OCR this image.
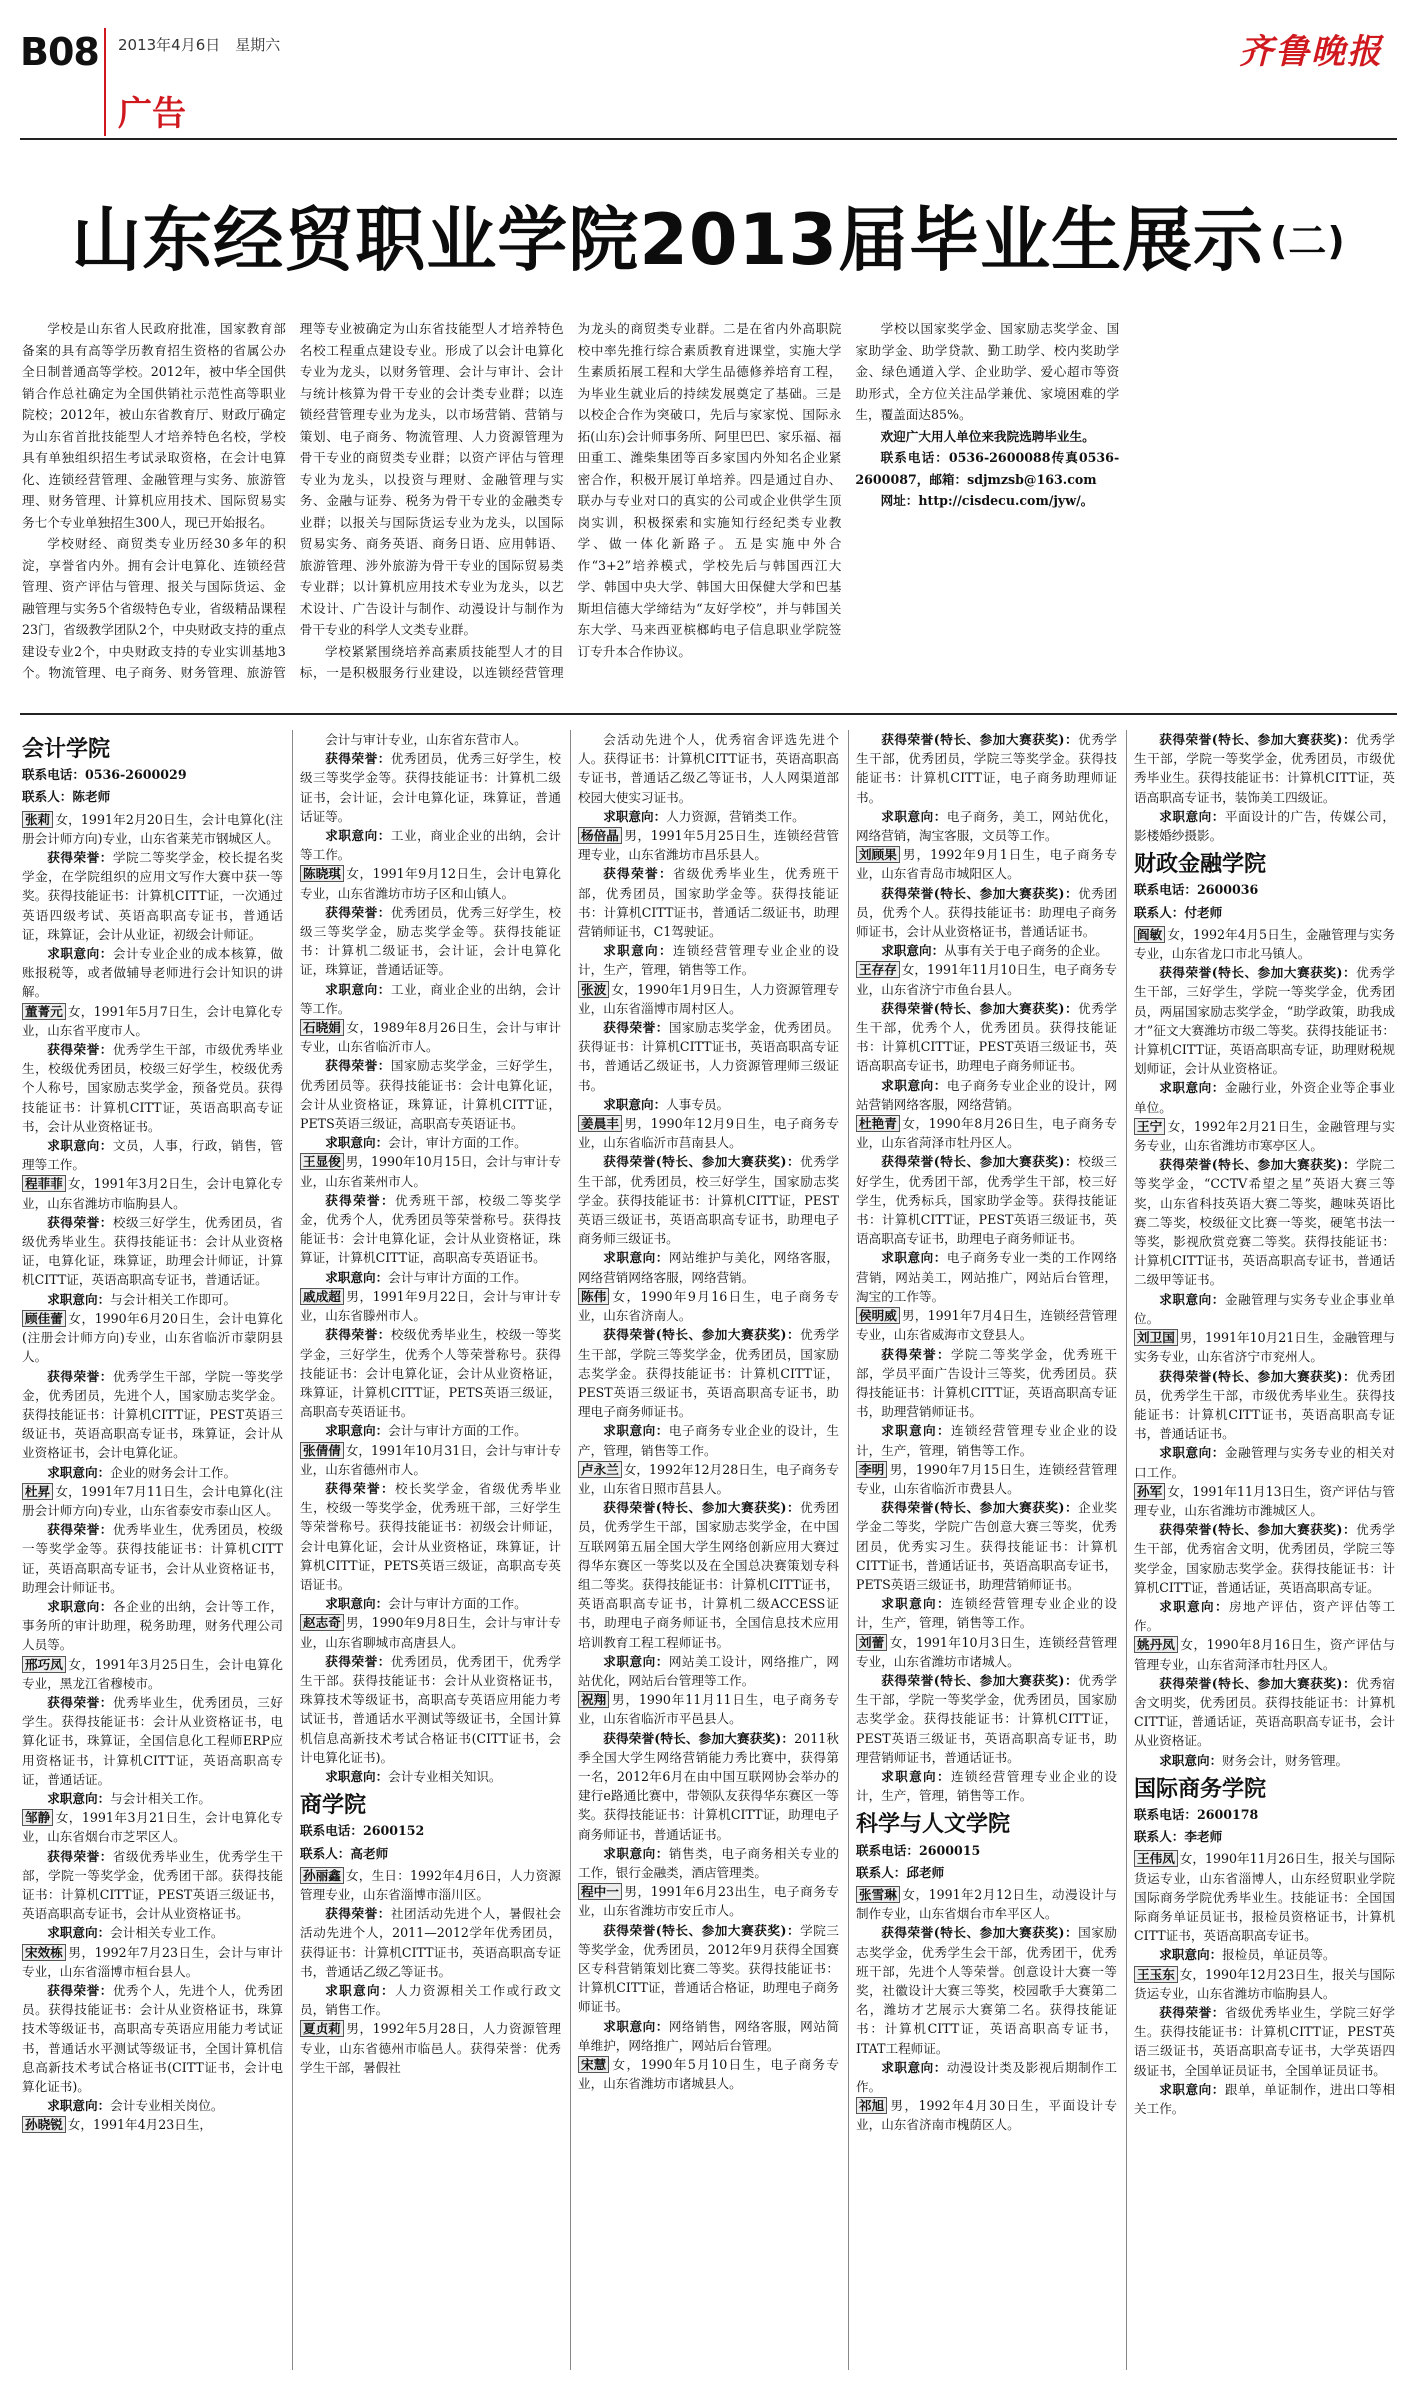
B08 2013年4月6日　星期六
广告
齐鲁晚报
山东经贸职业学院2013届毕业生展示 $^{(二)}$

学校是山东省人民政府批准，国家教育部备案的具有高等学历教育招生资格的省属公办全日制普通高等学校。2012年，被中华全国供销合作总社确定为全国供销社示范性高等职业院校；2012年，被山东省教育厅、财政厅确定为山东省首批技能型人才培养特色名校，学校具有单独组织招生考试录取资格，在会计电算化、连锁经营管理、金融管理与实务、旅游管理、财务管理、计算机应用技术、国际贸易实务七个专业单独招生300人，现已开始报名。

学校财经、商贸类专业历经30多年的积淀，享誉省内外。拥有会计电算化、连锁经营管理、资产评估与管理、报关与国际货运、金融管理与实务5个省级特色专业，省级精品课程23门，省级教学团队2个，中央财政支持的重点建设专业2个，中央财政支持的专业实训基地3个。物流管理、电子商务、财务管理、旅游管理等专业被确定为山东省技能型人才培养特色名校工程重点建设专业。形成了以会计电算化专业为龙头，以财务管理、会计与审计、会计与统计核算为骨干专业的会计类专业群；以连锁经营管理专业为龙头，以市场营销、营销与策划、电子商务、物流管理、人力资源管理为骨干专业的商贸类专业群；以资产评估与管理专业为龙头，以投资与理财、金融管理与实务、金融与证券、税务为骨干专业的金融类专业群；以报关与国际货运专业为龙头，以国际贸易实务、商务英语、商务日语、应用韩语、旅游管理、涉外旅游为骨干专业的国际贸易类专业群；以计算机应用技术专业为龙头，以艺术设计、广告设计与制作、动漫设计与制作为骨干专业的科学人文类专业群。

学校紧紧围绕培养高素质技能型人才的目标，一是积极服务行业建设，以连锁经营管理为龙头的商贸类专业群。二是在省内外高职院校中率先推行综合素质教育进课堂，实施大学生素质拓展工程和大学生品德修养培育工程，为毕业生就业后的持续发展奠定了基础。三是以校企合作为突破口，先后与家家悦、国际永拓(山东)会计师事务所、阿里巴巴、家乐福、福田重工、潍柴集团等百多家国内外知名企业紧密合作，积极开展订单培养。四是通过自办、联办与专业对口的真实的公司或企业供学生顶岗实训，积极探索和实施知行经纪类专业教学、做一体化新路子。五是实施中外合作“3+2”培养模式，学校先后与韩国西江大学、韩国中央大学、韩国大田保健大学和巴基斯坦信德大学缔结为“友好学校”，并与韩国关东大学、马来西亚槟榔屿电子信息职业学院签订专升本合作协议。

学校以国家奖学金、国家励志奖学金、国家助学金、助学贷款、勤工助学、校内奖助学金、绿色通道入学、企业助学、爱心超市等资助形式，全方位关注品学兼优、家境困难的学生，覆盖面达85%。

欢迎广大用人单位来我院选聘毕业生。

联系电话：0536-2600088传真0536-2600087，邮箱：sdjmzsb@163.com

网址：http://cisdecu.com/jyw/。

会计学院

联系电话：0536-2600029

联系人：陈老师

张莉 女，1991年2月20日生，会计电算化(注册会计师方向)专业，山东省莱芜市钢城区人。

获得荣誉：学院二等奖学金，校长提名奖学金，在学院组织的应用文写作大赛中获一等奖。获得技能证书：计算机CITT证，一次通过英语四级考试、英语高职高专证书，普通话证，珠算证，会计从业证，初级会计师证。

求职意向：会计专业企业的成本核算，做账报税等，或者做辅导老师进行会计知识的讲解。

董菁元 女，1991年5月7日生，会计电算化专业，山东省平度市人。

获得荣誉：优秀学生干部，市级优秀毕业生，校级优秀团员，校级三好学生，校级优秀个人称号，国家励志奖学金，预备党员。获得技能证书：计算机CITT证，英语高职高专证书，会计从业资格证书。

求职意向：文员，人事，行政，销售，管理等工作。

程菲菲 女，1991年3月2日生，会计电算化专业，山东省潍坊市临朐县人。

获得荣誉：校级三好学生，优秀团员，省级优秀毕业生。获得技能证书：会计从业资格证，电算化证，珠算证，助理会计师证，计算机CITT证，英语高职高专证书，普通话证。

求职意向：与会计相关工作即可。

顾佳蕾 女，1990年6月20日生，会计电算化(注册会计师方向)专业，山东省临沂市蒙阴县人。

获得荣誉：优秀学生干部，学院一等奖学金，优秀团员，先进个人，国家励志奖学金。获得技能证书：计算机CITT证，PEST英语三级证书，英语高职高专证书，珠算证，会计从业资格证书，会计电算化证。

求职意向：企业的财务会计工作。

杜昇 女，1991年7月11日生，会计电算化(注册会计师方向)专业，山东省泰安市泰山区人。

获得荣誉：优秀毕业生，优秀团员，校级一等奖学金等。获得技能证书：计算机CITT证，英语高职高专证书，会计从业资格证书，助理会计师证书。

求职意向：各企业的出纳，会计等工作，事务所的审计助理，税务助理，财务代理公司人员等。

邢巧凤 女，1991年3月25日生，会计电算化专业，黑龙江省穆棱市。

获得荣誉：优秀毕业生，优秀团员，三好学生。获得技能证书：会计从业资格证书，电算化证书，珠算证，全国信息化工程师ERP应用资格证书，计算机CITT证，英语高职高专证，普通话证。

求职意向：与会计相关工作。

邹静 女，1991年3月21日生，会计电算化专业，山东省烟台市芝罘区人。

获得荣誉：省级优秀毕业生，优秀学生干部，学院一等奖学金，优秀团干部。获得技能证书：计算机CITT证，PEST英语三级证书，英语高职高专证书，会计从业资格证书。

求职意向：会计相关专业工作。

宋效栋 男，1992年7月23日生，会计与审计专业，山东省淄博市桓台县人。

获得荣誉：优秀个人，先进个人，优秀团员。获得技能证书：会计从业资格证书，珠算技术等级证书，高职高专英语应用能力考试证书，普通话水平测试等级证书，全国计算机信息高新技术考试合格证书(CITT证书，会计电算化证书)。

求职意向：会计专业相关岗位。

孙晓锐 女，1991年4月23日生，

会计与审计专业，山东省东营市人。

获得荣誉：优秀团员，优秀三好学生，校级三等奖学金等。获得技能证书：计算机二级证书，会计证，会计电算化证，珠算证，普通话证等。

求职意向：工业，商业企业的出纳，会计等工作。

陈晓琪 女，1991年9月12日生，会计电算化专业，山东省潍坊市坊子区和山镇人。

获得荣誉：优秀团员，优秀三好学生，校级三等奖学金，励志奖学金等。获得技能证书：计算机二级证书，会计证，会计电算化证，珠算证，普通话证等。

求职意向：工业，商业企业的出纳，会计等工作。

石晓娟 女，1989年8月26日生，会计与审计专业，山东省临沂市人。

获得荣誉：国家励志奖学金，三好学生，优秀团员等。获得技能证书：会计电算化证，会计从业资格证，珠算证，计算机CITT证，PETS英语三级证，高职高专英语证书。

求职意向：会计，审计方面的工作。

王显俊 男，1990年10月15日，会计与审计专业，山东省莱州市人。

获得荣誉：优秀班干部，校级二等奖学金，优秀个人，优秀团员等荣誉称号。获得技能证书：会计电算化证，会计从业资格证，珠算证，计算机CITT证，高职高专英语证书。

求职意向：会计与审计方面的工作。

戚成超 男，1991年9月22日，会计与审计专业，山东省滕州市人。

获得荣誉：校级优秀毕业生，校级一等奖学金，三好学生，优秀个人等荣誉称号。获得技能证书：会计电算化证，会计从业资格证，珠算证，计算机CITT证，PETS英语三级证，高职高专英语证书。

求职意向：会计与审计方面的工作。

张倩倩 女，1991年10月31日，会计与审计专业，山东省德州市人。

获得荣誉：校长奖学金，省级优秀毕业生，校级一等奖学金，优秀班干部，三好学生等荣誉称号。获得技能证书：初级会计师证，会计电算化证，会计从业资格证，珠算证，计算机CITT证，PETS英语三级证，高职高专英语证书。

求职意向：会计与审计方面的工作。

赵志奇 男，1990年9月8日生，会计与审计专业，山东省聊城市高唐县人。

获得荣誉：优秀团员，优秀团干，优秀学生干部。获得技能证书：会计从业资格证书，珠算技术等级证书，高职高专英语应用能力考试证书，普通话水平测试等级证书，全国计算机信息高新技术考试合格证书(CITT证书，会计电算化证书)。

求职意向：会计专业相关知识。

商学院

联系电话：2600152

联系人：高老师

孙丽鑫 女，生日：1992年4月6日，人力资源管理专业，山东省淄博市淄川区。

获得荣誉：社团活动先进个人，暑假社会活动先进个人，2011—2012学年优秀团员，获得证书：计算机CITT证书，英语高职高专证书，普通话乙级乙等证书。

求职意向：人力资源相关工作或行政文员，销售工作。

夏贞莉 男，1992年5月28日，人力资源管理专业，山东省德州市临邑人。获得荣誉：优秀学生干部，暑假社

会活动先进个人，优秀宿舍评选先进个人。获得证书：计算机CITT证书，英语高职高专证书，普通话乙级乙等证书，人人网渠道部校园大使实习证书。

求职意向：人力资源，营销类工作。

杨倍晶 男，1991年5月25日生，连锁经营管理专业，山东省潍坊市昌乐县人。

获得荣誉：省级优秀毕业生，优秀班干部，优秀团员，国家助学金等。获得技能证书：计算机CITT证书，普通话二级证书，助理营销师证书，C1驾驶证。

求职意向：连锁经营管理专业企业的设计，生产，管理，销售等工作。

张波 女，1990年1月9日生，人力资源管理专业，山东省淄博市周村区人。

获得荣誉：国家励志奖学金，优秀团员。获得证书：计算机CITT证书，英语高职高专证书，普通话乙级证书，人力资源管理师三级证书。

求职意向：人事专员。

姜晨丰 男，1990年12月9日生，电子商务专业，山东省临沂市莒南县人。

获得荣誉(特长、参加大赛获奖)：优秀学生干部，优秀团员，校三好学生，国家励志奖学金。获得技能证书：计算机CITT证，PEST英语三级证书，英语高职高专证书，助理电子商务师三级证书。

求职意向：网站维护与美化，网络客服，网络营销网络客服，网络营销。

陈伟 女，1990年9月16日生，电子商务专业，山东省济南人。

获得荣誉(特长、参加大赛获奖)：优秀学生干部，学院三等奖学金，优秀团员，国家励志奖学金。获得技能证书：计算机CITT证，PEST英语三级证书，英语高职高专证书，助理电子商务师证书。

求职意向：电子商务专业企业的设计，生产，管理，销售等工作。

卢永兰 女，1992年12月28日生，电子商务专业，山东省日照市莒县人。

获得荣誉(特长、参加大赛获奖)：优秀团员，优秀学生干部，国家励志奖学金，在中国互联网第五届全国大学生网络创新应用大赛过得华东赛区一等奖以及在全国总决赛策划专科组二等奖。获得技能证书：计算机CITT证书，英语高职高专证书，计算机二级ACCESS证书，助理电子商务师证书，全国信息技术应用培训教育工程工程师证书。

求职意向：网站美工设计，网络推广，网站优化，网站后台管理等工作。

祝翔 男，1990年11月11日生，电子商务专业，山东省临沂市平邑县人。

获得荣誉(特长、参加大赛获奖)：2011秋季全国大学生网络营销能力秀比赛中，获得第一名，2012年6月在由中国互联网协会举办的建行e路通比赛中，带领队友获得华东赛区一等奖。获得技能证书：计算机CITT证，助理电子商务师证书，普通话证书。

求职意向：销售类，电子商务相关专业的工作，银行金融类，酒店管理类。

程中一 男，1991年6月23出生，电子商务专业，山东省潍坊市安丘市人。

获得荣誉(特长、参加大赛获奖)：学院三等奖学金，优秀团员，2012年9月获得全国赛区专科营销策划比赛二等奖。获得技能证书：计算机CITT证，普通话合格证，助理电子商务师证书。

求职意向：网络销售，网络客服，网站简单维护，网络推广，网站后台管理。

宋慧 女，1990年5月10日生，电子商务专业，山东省潍坊市诸城县人。

获得荣誉(特长、参加大赛获奖)：优秀学生干部，优秀团员，学院三等奖学金。获得技能证书：计算机CITT证，电子商务助理师证书。

求职意向：电子商务，美工，网站优化，网络营销，淘宝客服，文员等工作。

刘顾果 男，1992年9月1日生，电子商务专业，山东省青岛市城阳区人。

获得荣誉(特长、参加大赛获奖)：优秀团员，优秀个人。获得技能证书：助理电子商务师证书，会计从业资格证书，普通话证书。

求职意向：从事有关于电子商务的企业。

王存存 女，1991年11月10日生，电子商务专业，山东省济宁市鱼台县人。

获得荣誉(特长、参加大赛获奖)：优秀学生干部，优秀个人，优秀团员。获得技能证书：计算机CITT证，PEST英语三级证书，英语高职高专证书，助理电子商务师证书。

求职意向：电子商务专业企业的设计，网站营销网络客服，网络营销。

杜艳青 女，1990年8月26日生，电子商务专业，山东省菏泽市牡丹区人。

获得荣誉(特长、参加大赛获奖)：校级三好学生，优秀团干部，优秀学生干部，校三好学生，优秀标兵，国家助学金等。获得技能证书：计算机CITT证，PEST英语三级证书，英语高职高专证书，助理电子商务师证书。

求职意向：电子商务专业一类的工作网络营销，网站美工，网站推广，网站后台管理，淘宝的工作等。

侯明威 男，1991年7月4日生，连锁经营管理专业，山东省威海市文登县人。

获得荣誉：学院二等奖学金，优秀班干部，学员平面广告设计三等奖，优秀团员。获得技能证书：计算机CITT证，英语高职高专证书，助理营销师证书。

求职意向：连锁经营管理专业企业的设计，生产，管理，销售等工作。

李明 男，1990年7月15日生，连锁经营管理专业，山东省临沂市费县人。

获得荣誉(特长、参加大赛获奖)：企业奖学金二等奖，学院广告创意大赛三等奖，优秀团员，优秀实习生。获得技能证书：计算机CITT证书，普通话证书，英语高职高专证书，PETS英语三级证书，助理营销师证书。

求职意向：连锁经营管理专业企业的设计，生产，管理，销售等工作。

刘蕾 女，1991年10月3日生，连锁经营管理专业，山东省潍坊市诸城人。

获得荣誉(特长、参加大赛获奖)：优秀学生干部，学院一等奖学金，优秀团员，国家励志奖学金。获得技能证书：计算机CITT证，PEST英语三级证书，英语高职高专证书，助理营销师证书，普通话证书。

求职意向：连锁经营管理专业企业的设计，生产，管理，销售等工作。

科学与人文学院

联系电话：2600015

联系人：邱老师

张雪琳 女，1991年2月12日生，动漫设计与制作专业，山东省烟台市牟平区人。

获得荣誉(特长、参加大赛获奖)：国家励志奖学金，优秀学生会干部，优秀团干，优秀班干部，先进个人等荣誉。创意设计大赛一等奖，社徽设计大赛三等奖，校园歌手大赛第二名，潍坊才艺展示大赛第二名。获得技能证书：计算机CITT证，英语高职高专证书，ITAT工程师证。

求职意向：动漫设计类及影视后期制作工作。

祁旭 男，1992年4月30日生，平面设计专业，山东省济南市槐荫区人。

获得荣誉(特长、参加大赛获奖)：优秀学生干部，学院一等奖学金，优秀团员，市级优秀毕业生。获得技能证书：计算机CITT证，英语高职高专证书，装饰美工四级证。

求职意向：平面设计的广告，传媒公司，影楼婚纱摄影。

财政金融学院

联系电话：2600036

联系人：付老师

阎敏 女，1992年4月5日生，金融管理与实务专业，山东省龙口市北马镇人。

获得荣誉(特长、参加大赛获奖)：优秀学生干部，三好学生，学院一等奖学金，优秀团员，两届国家励志奖学金，“助学政策，助我成才”征文大赛潍坊市级二等奖。获得技能证书：计算机CITT证，英语高职高专证，助理财税规划师证，会计从业资格证。

求职意向：金融行业，外资企业等企事业单位。

王宁 女，1992年2月21日生，金融管理与实务专业，山东省潍坊市寒亭区人。

获得荣誉(特长、参加大赛获奖)：学院二等奖学金，“CCTV希望之星”英语大赛三等奖，山东省科技英语大赛二等奖，趣味英语比赛二等奖，校级征文比赛一等奖，硬笔书法一等奖，影视欣赏竞赛二等奖。获得技能证书：计算机CITT证书，英语高职高专证书，普通话二级甲等证书。

求职意向：金融管理与实务专业企事业单位。

刘卫国 男，1991年10月21日生，金融管理与实务专业，山东省济宁市兖州人。

获得荣誉(特长、参加大赛获奖)：优秀团员，优秀学生干部，市级优秀毕业生。获得技能证书：计算机CITT证书，英语高职高专证书，普通话证书。

求职意向：金融管理与实务专业的相关对口工作。

孙军 女，1991年11月13日生，资产评估与管理专业，山东省潍坊市潍城区人。

获得荣誉(特长、参加大赛获奖)：优秀学生干部，优秀宿舍文明，优秀团员，学院三等奖学金，国家励志奖学金。获得技能证书：计算机CITT证，普通话证，英语高职高专证。

求职意向：房地产评估，资产评估等工作。

姚丹凤 女，1990年8月16日生，资产评估与管理专业，山东省菏泽市牡丹区人。

获得荣誉(特长、参加大赛获奖)：优秀宿舍文明奖，优秀团员。获得技能证书：计算机CITT证，普通话证，英语高职高专证书，会计从业资格证。

求职意向：财务会计，财务管理。

国际商务学院

联系电话：2600178

联系人：李老师

王伟凤 女，1990年11月26日生，报关与国际货运专业，山东省淄博人，山东经贸职业学院国际商务学院优秀毕业生。技能证书：全国国际商务单证员证书，报检员资格证书，计算机CITT证书，英语高职高专证书。

求职意向：报检员，单证员等。

王玉东 女，1990年12月23日生，报关与国际货运专业，山东省潍坊市临朐县人。

获得荣誉：省级优秀毕业生，学院三好学生。获得技能证书：计算机CITT证，PEST英语三级证书，英语高职高专证书，大学英语四级证书，全国单证员证书，全国单证员证书。

求职意向：跟单，单证制作，进出口等相关工作。
